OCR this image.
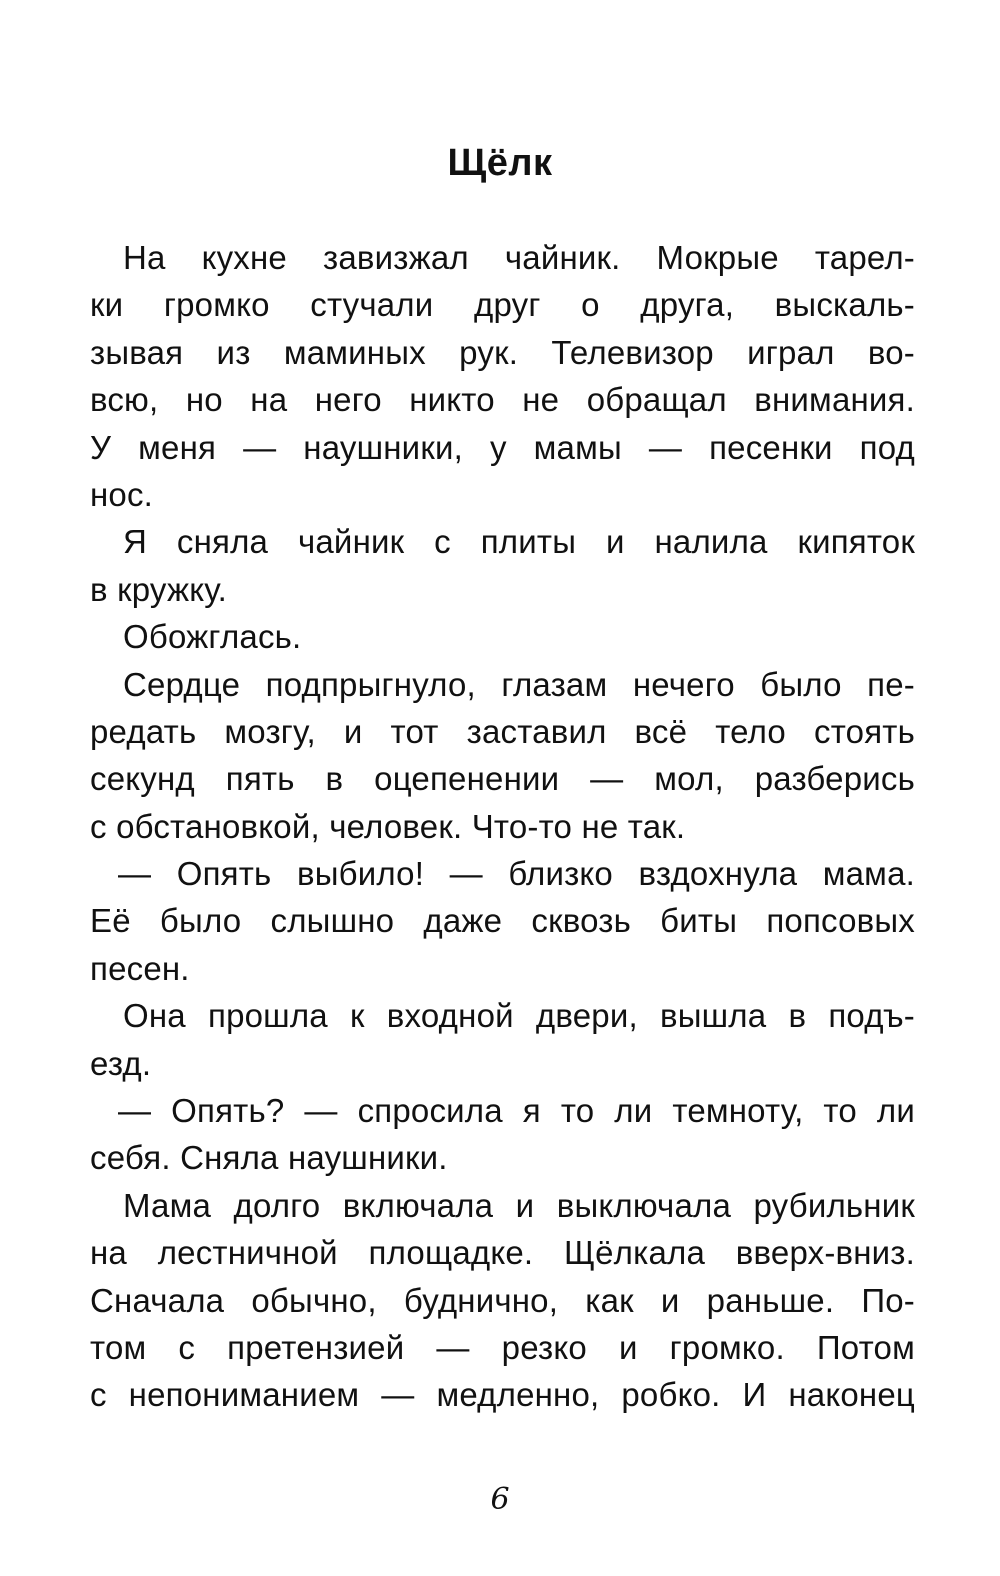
Щёлк
На кухне завизжал чайник. Мокрые тарел-
ки громко стучали друг о друга, выскаль-
зывая из маминых рук. Телевизор играл во-
всю, но на него никто не обращал внимания.
У меня — наушники, у мамы — песенки под
нос.
Я сняла чайник с плиты и налила кипяток
в кружку.
Обожглась.
Сердце подпрыгнуло, глазам нечего было пе-
редать мозгу, и тот заставил всё тело стоять
секунд пять в оцепенении — мол, разберись
с обстановкой, человек. Что-то не так.
— Опять выбило! — близко вздохнула мама.
Её было слышно даже сквозь биты попсовых
песен.
Она прошла к входной двери, вышла в подъ-
езд.
— Опять? — спросила я то ли темноту, то ли
себя. Сняла наушники.
Мама долго включала и выключала рубильник
на лестничной площадке. Щёлкала вверх-вниз.
Сначала обычно, буднично, как и раньше. По-
том с претензией — резко и громко. Потом
с непониманием — медленно, робко. И наконец
6
